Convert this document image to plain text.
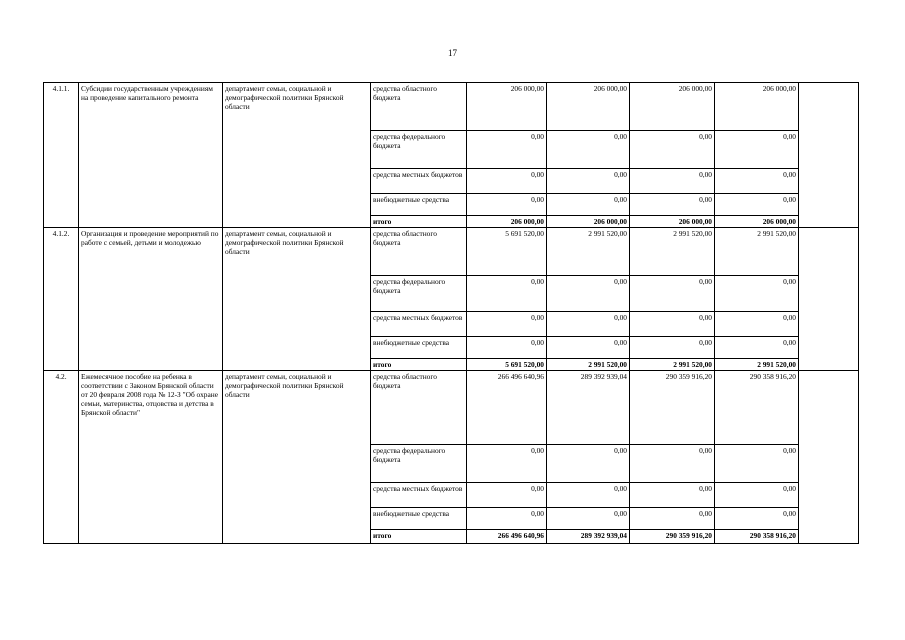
17
4.1.1.	Субсидии государственным учреждениям на проведение капитального ремонта	департамент семьи, социальной и демографической политики Брянской области	средства областного бюджета	206 000,00	206 000,00	206 000,00	206 000,00	
			средства федерального бюджета	0,00	0,00	0,00	0,00	
			средства местных бюджетов	0,00	0,00	0,00	0,00	
			внебюджетные средства	0,00	0,00	0,00	0,00	
			итого	206 000,00	206 000,00	206 000,00	206 000,00	
4.1.2.	Организация и проведение мероприятий по работе с семьей, детьми и молодежью	департамент семьи, социальной и демографической политики Брянской области	средства областного бюджета	5 691 520,00	2 991 520,00	2 991 520,00	2 991 520,00	
			средства федерального бюджета	0,00	0,00	0,00	0,00	
			средства местных бюджетов	0,00	0,00	0,00	0,00	
			внебюджетные средства	0,00	0,00	0,00	0,00	
			итого	5 691 520,00	2 991 520,00	2 991 520,00	2 991 520,00	
4.2.	Ежемесячное пособие на ребенка в соответствии с Законом Брянской области от 20 февраля 2008 года № 12-З "Об охране семьи, материнства, отцовства и детства в Брянской области"	департамент семьи, социальной и демографической политики Брянской области	средства областного бюджета	266 496 640,96	289 392 939,04	290 359 916,20	290 358 916,20	
			средства федерального бюджета	0,00	0,00	0,00	0,00	
			средства местных бюджетов	0,00	0,00	0,00	0,00	
			внебюджетные средства	0,00	0,00	0,00	0,00	
			итого	266 496 640,96	289 392 939,04	290 359 916,20	290 358 916,20	
